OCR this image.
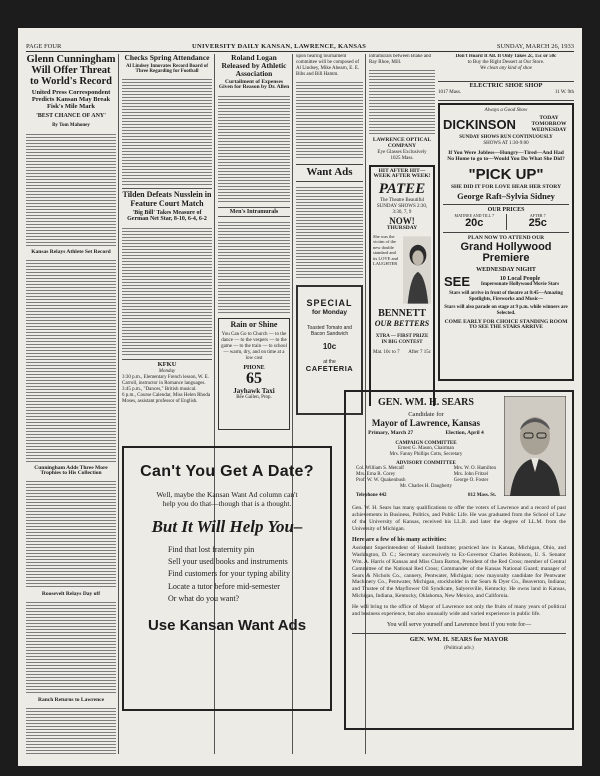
PAGE FOUR	UNIVERSITY DAILY KANSAN, LAWRENCE, KANSAS	SUNDAY, MARCH 26, 1933
Glenn Cunningham Will Offer Threat to World's Record
United Press Correspondent Predicts Kansan May Break Fisk's Mile Mark
'BEST CHANCE OF ANY'
By Tom Mahoney
Kansas Relays Athlete Set Record
Cunningham Adds Three More Trophies to His Collection
Roosevelt Relays Day off
Ranch Returns to Lawrence
Checks Spring Attendance
Al Lindsey Innovates Record Board of Three Regarding for Football
Tilden Defeats Nusslein in Feature Court Match
'Big Bill' Takes Measure of German Net Star, 8-10, 6-4, 6-2
KFKU
Monday
3:30 p.m., Elementary French lesson, W. E. Carroll, instructor in Romance languages.
3:45 p.m., "Dances," British musical.
6 p.m., Course Calendar, Miss Helen Rhoda Moses, assistant professor of English.
Roland Logan Released by Athletic Association
Curtailment of Expenses Given for Reason by Dr. Allen
Men's Intramurals
Rain or Shine
You Can Go to Church — to the dance — to the vespers — to the game — to the train — to school — warm, dry, and on time at a low cost
PHONE
65
Jayhawk Taxi
Bee Gallen, Prop.
upon hearing tournament committee will be composed of Al Lindsey, Mike Ahearn, E. E. Bibs and Bill Hamm.
Want Ads
SPECIAL
for Monday
Toasted Tomato and Bacon Sandwich
10c
at the
CAFETERIA
intramurals between Blake and Ray Rhoe, Mill.
LAWRENCE OPTICAL COMPANY
Eye Glasses Exclusively
1025 Mass.
HIT AFTER HIT—
WEEK AFTER WEEK!
PATEE
The Theatre Beautiful
SUNDAY SHOWS 2:30, 3:30, 7, 9
NOW!
THURSDAY
She was the victim of the new double standard and its LOVE and LAUGHTER
BENNETT
OUR BETTERS
XTRA — FIRST PRIZE IN BIG CONTEST
Mat. 10c to 7 After 7 15c
Don't Hoard It All. It Only Takes 2c, 15c or 50c
to Buy the Right Dessert at Our Store.
We clean any kind of shoe
ELECTRIC SHOE SHOP
1017 Mass.	11 W. 9th
Always a Good Show
DICKINSON	TODAY
TOMORROW
WEDNESDAY
SUNDAY SHOWS RUN CONTINUOUSLY
SHOWS AT 1:30-9:00
If You Were Jobless—Hungry—Tired—And Had
No Home to go to—Would You Do What She Did?
"PICK UP"
SHE DID IT FOR LOVE HEAR HER STORY
George Raft–Sylvia Sidney
OUR PRICES
MATINEE AND TILL 7
20c
AFTER 7
25c
PLAN NOW TO ATTEND OUR
Grand Hollywood
Premiere
WEDNESDAY NIGHT
SEE	10 Local People
Impersonate Hollywood Movie Stars
Stars will arrive in front of theatre at 8:45—Amazing Spotlights, Fireworks and Music—
Stars will also parade on stage at 9 p.m. while winners are Selected.
COME EARLY FOR CHOICE STANDING ROOM
TO SEE THE STARS ARRIVE
Can't You Get A Date?
Well, maybe the Kansan Want Ad column can't
help you do that—though that is a thought.
But It Will Help You–
Find that lost fraternity pin
Sell your used books and instruments
Find customers for your typing ability
Locate a tutor before mid-semester
Or what do you want?
Use Kansan Want Ads
GEN. WM. H. SEARS
Candidate for
Mayor of Lawrence, Kansas
Primary, March 27	Election, April 4
CAMPAIGN COMMITTEE
Ernest G. Mason, Chairman
Mrs. Fanny Phillips Cotts, Secretary
ADVISORY COMMITTEE
Col. William S. Metcalf
Mrs. Erna R. Corey
Prof. W. W. Quakenbush
Mrs. W. O. Hamilton
Mrs. John Fritzel
George O. Foster
Mr. Charles H. Daugherty
Telephone 442	812 Mass. St.
Gen. W. H. Sears has many qualifications to offer the voters of Lawrence and a record of past achievements in Business, Politics, and Public Life. He was graduated from the School of Law of the University of Kansas, received his LL.B. and later the degree of LL.M. from the University of Michigan.
Here are a few of his many activities:
Assistant Superintendent of Haskell Institute; practiced law in Kansas, Michigan, Ohio, and Washington, D. C.; Secretary successively to Ex-Governor Charles Robinson, U. S. Senator Wm. A. Harris of Kansas and Miss Clara Barton, President of the Red Cross; member of Central Committee of the National Red Cross; Commander of the Kansas National Guard; manager of Sears & Nichols Co., cannery, Pentwater, Michigan; now mayoralty candidate for Pentwater Machinery Co., Pentwater, Michigan, stockholder in the Sears & Dyer Co., Beaverton, Indiana; and Trustee of the Mayflower Oil Syndicate, Salyersville, Kentucky. He owns land in Kansas, Michigan, Indiana, Kentucky, Oklahoma, New Mexico, and California.
He will bring to the office of Mayor of Lawrence not only the fruits of many years of political and business experience, but also unusually wide and varied experience in public life.
You will serve yourself and Lawrence best if you vote for—
GEN. WM. H. SEARS for MAYOR
(Political adv.)
